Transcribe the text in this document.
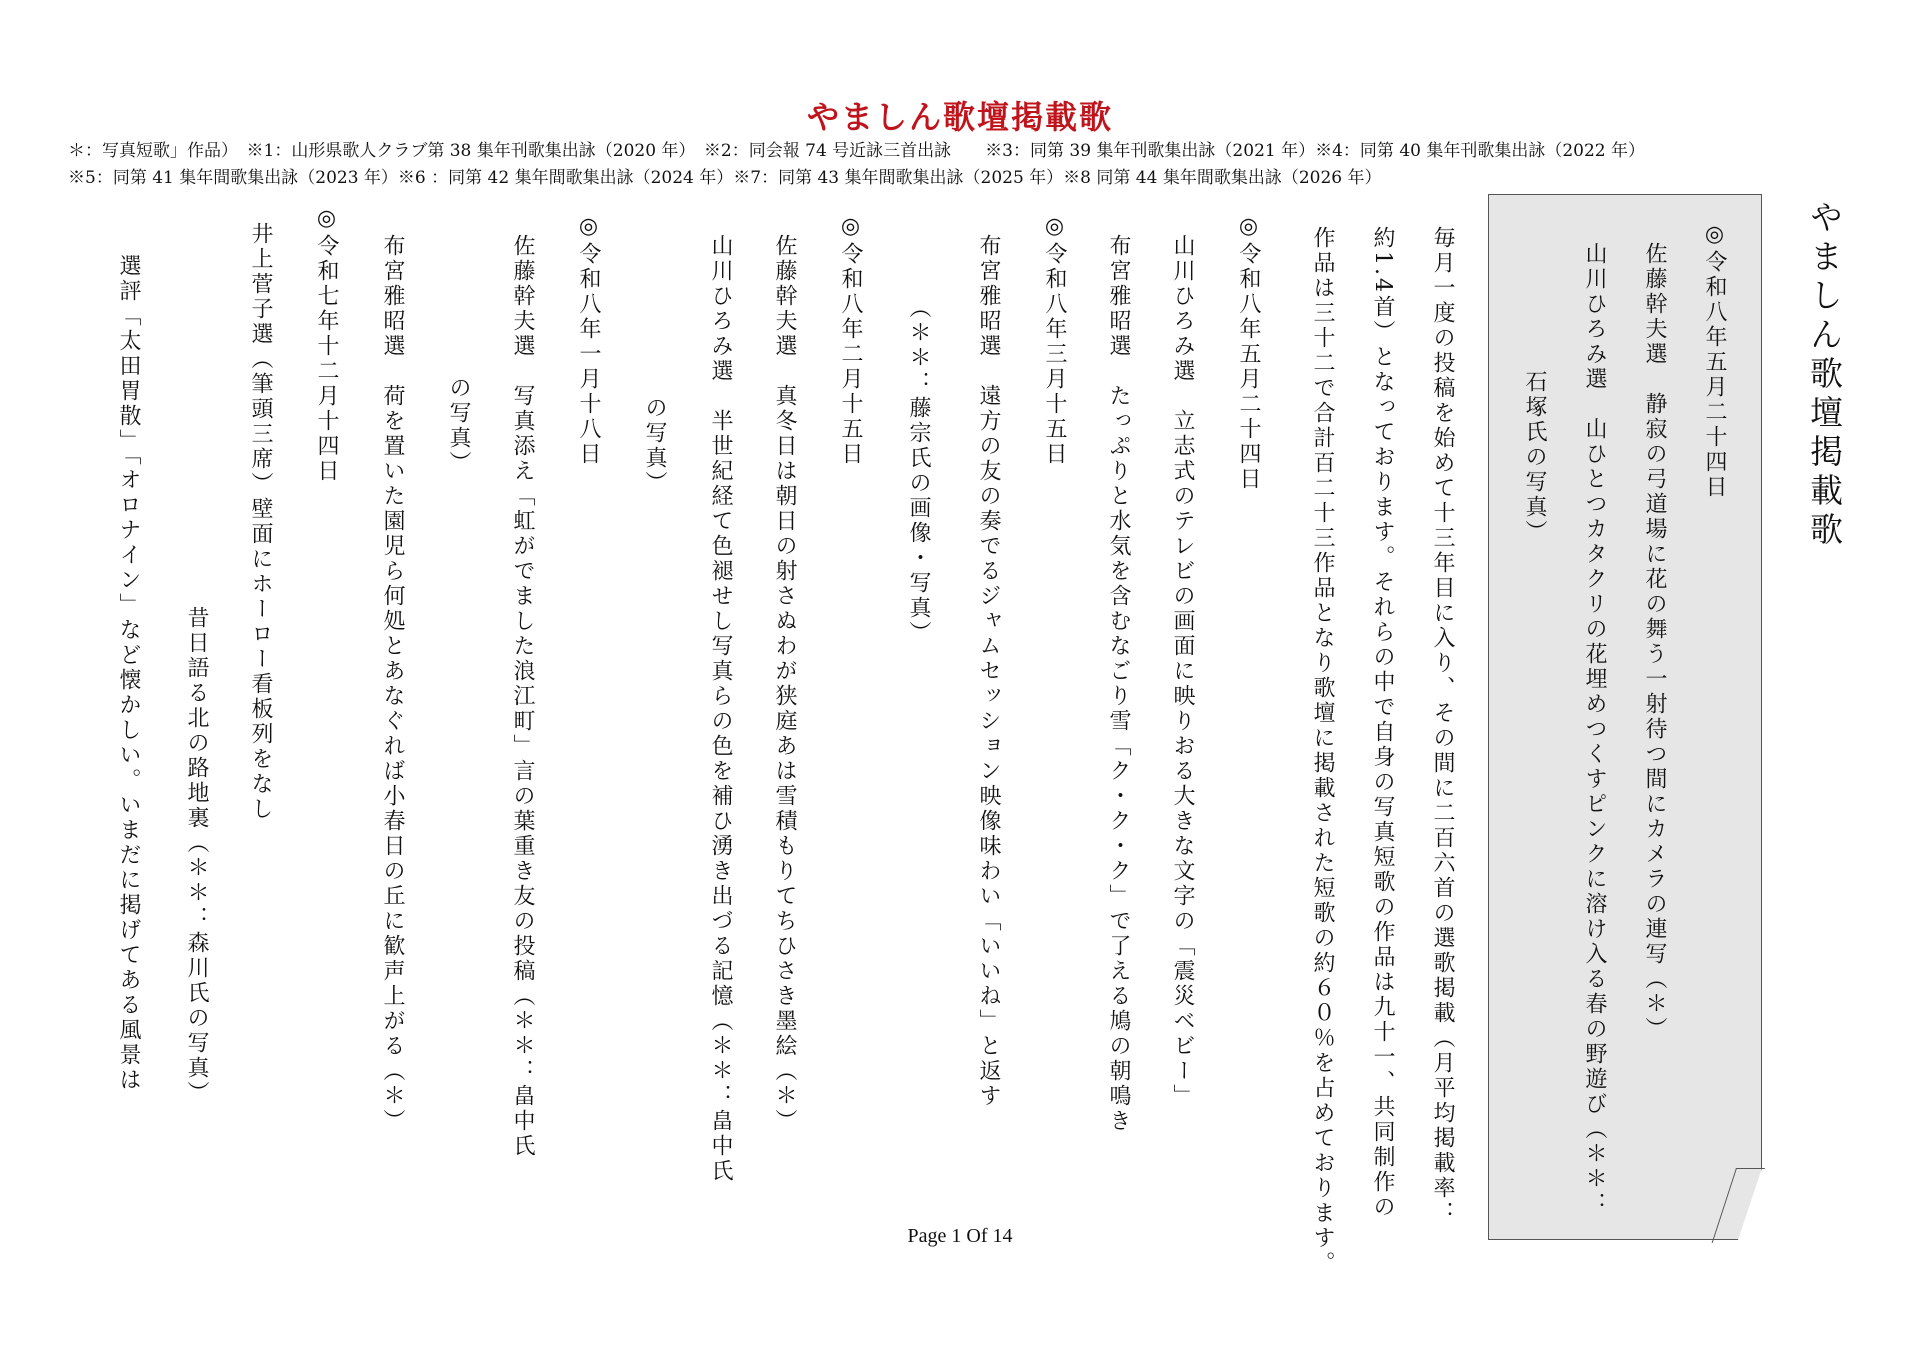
やましん歌壇掲載歌
＊：写真短歌」作品）　※1：山形県歌人クラブ第 38 集年刊歌集出詠（2020 年）　※2：同会報 74 号近詠三首出詠　　※3：同第 39 集年刊歌集出詠（2021 年）※4：同第 40 集年刊歌集出詠（2022 年）
※5：同第 41 集年間歌集出詠（2023 年）※6 ：同第 42 集年間歌集出詠（2024 年）※7：同第 43 集年間歌集出詠（2025 年）※8 同第 44 集年間歌集出詠（2026 年）
やましん歌壇掲載歌
◎令和八年五月二十四日
佐藤幹夫選　静寂の弓道場に花の舞う一射待つ間にカメラの連写（＊）
山川ひろみ選　山ひとつカタクリの花埋めつくすピンクに溶け入る春の野遊び（＊＊：
石塚氏の写真）
毎月一度の投稿を始めて十三年目に入り、その間に二百六首の選歌掲載（月平均掲載率：
約1.4首）となっております。それらの中で自身の写真短歌の作品は九十一、共同制作の
作品は三十二で合計百二十三作品となり歌壇に掲載された短歌の約６０％を占めております。
◎令和八年五月二十四日
山川ひろみ選　立志式のテレビの画面に映りおる大きな文字の「震災ベビー」
布宮雅昭選　たっぷりと水気を含むなごり雪「ク・ク・ク」で了える鳩の朝鳴き
◎令和八年三月十五日
布宮雅昭選　遠方の友の奏でるジャムセッション映像味わい「いいね」と返す
（＊＊：藤宗氏の画像・写真）
◎令和八年二月十五日
佐藤幹夫選　真冬日は朝日の射さぬわが狭庭あは雪積もりてちひさき墨絵（＊）
山川ひろみ選　半世紀経て色褪せし写真らの色を補ひ湧き出づる記憶（＊＊：畠中氏
の写真）
◎令和八年一月十八日
佐藤幹夫選　写真添え「虹がでました浪江町」言の葉重き友の投稿（＊＊：畠中氏
の写真）
布宮雅昭選　荷を置いた園児ら何処とあなぐれば小春日の丘に歓声上がる（＊）
◎令和七年十二月十四日
井上菅子選（筆頭三席）壁面にホーロー看板列をなし
昔日語る北の路地裏（＊＊：森川氏の写真）
選評「太田胃散」「オロナイン」など懐かしい。いまだに掲げてある風景は
Page 1 Of 14
